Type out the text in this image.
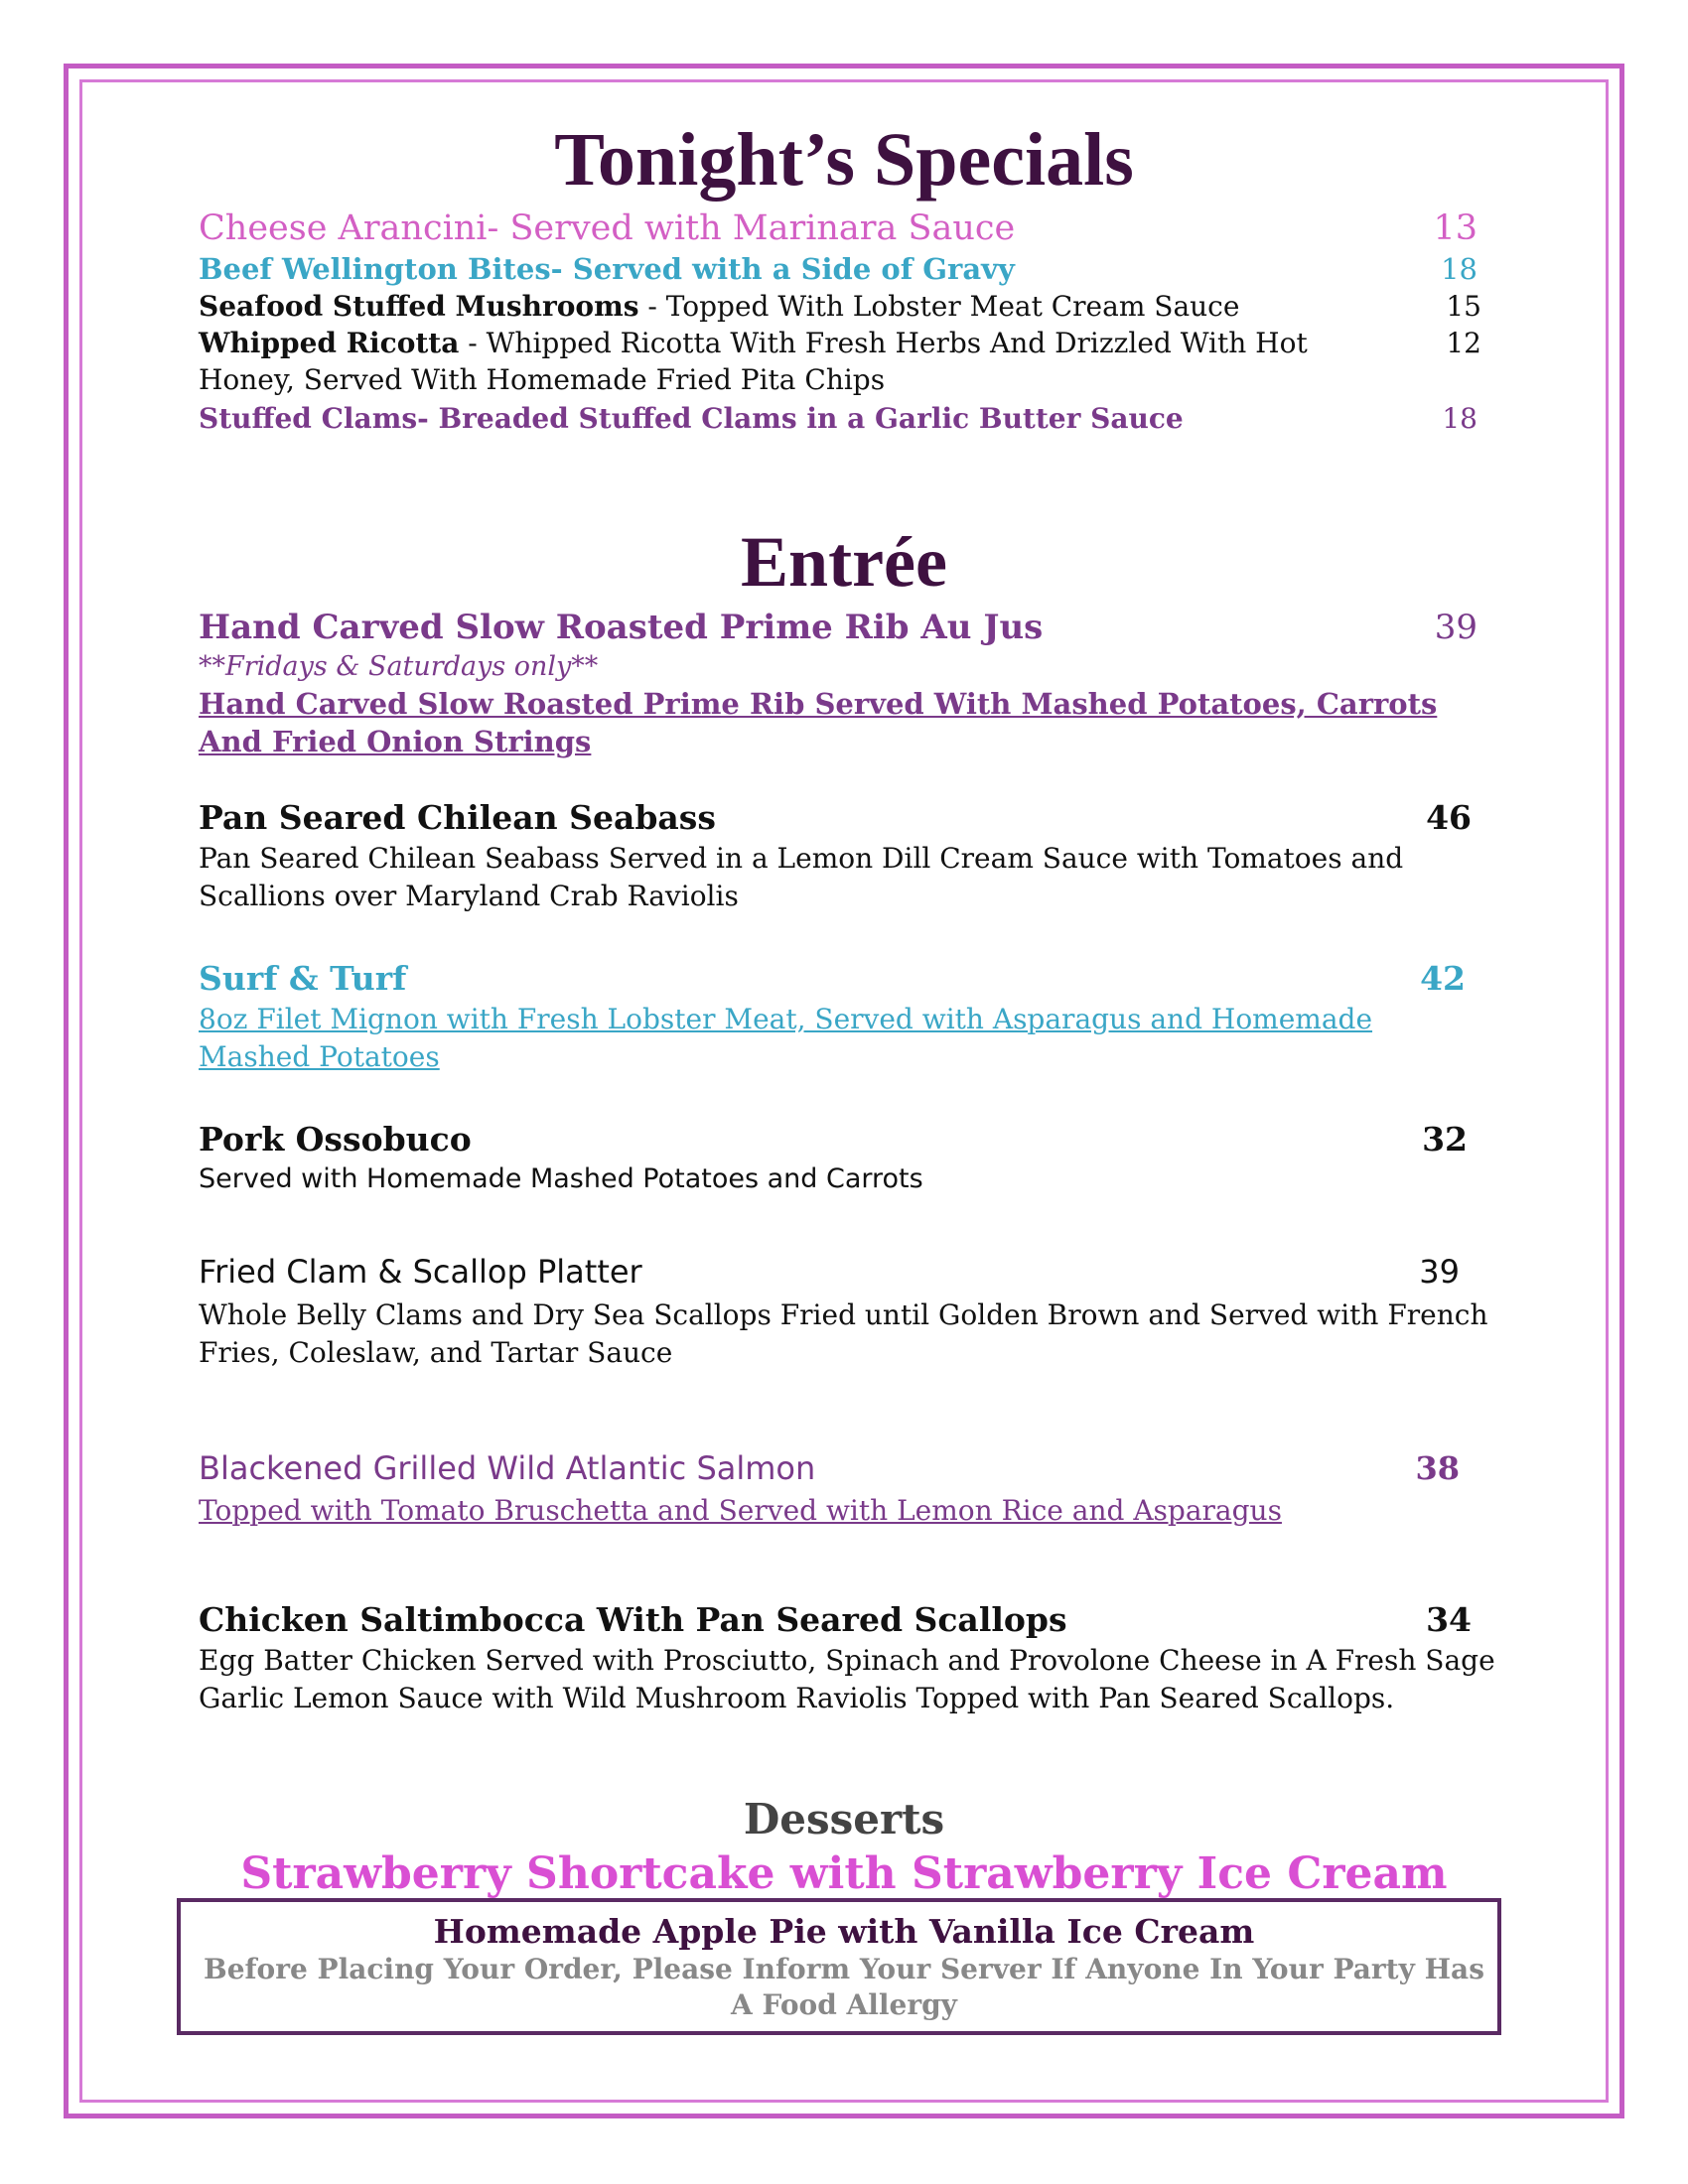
Tonight’s Specials
Cheese Arancini- Served with Marinara Sauce	13
Beef Wellington Bites- Served with a Side of Gravy	18
Seafood Stuffed Mushrooms - Topped With Lobster Meat Cream Sauce	15
Whipped Ricotta - Whipped Ricotta With Fresh Herbs And Drizzled With Hot	12
Honey, Served With Homemade Fried Pita Chips
Stuffed Clams- Breaded Stuffed Clams in a Garlic Butter Sauce	18
Entrée
Hand Carved Slow Roasted Prime Rib Au Jus	39
**Fridays & Saturdays only**
Hand Carved Slow Roasted Prime Rib Served With Mashed Potatoes, Carrots And Fried Onion Strings
Pan Seared Chilean Seabass	46
Pan Seared Chilean Seabass Served in a Lemon Dill Cream Sauce with Tomatoes and Scallions over Maryland Crab Raviolis
Surf & Turf	42
8oz Filet Mignon with Fresh Lobster Meat, Served with Asparagus and Homemade Mashed Potatoes
Pork Ossobuco	32
Served with Homemade Mashed Potatoes and Carrots
Fried Clam & Scallop Platter	39
Whole Belly Clams and Dry Sea Scallops Fried until Golden Brown and Served with French Fries, Coleslaw, and Tartar Sauce
Blackened Grilled Wild Atlantic Salmon	38
Topped with Tomato Bruschetta and Served with Lemon Rice and Asparagus
Chicken Saltimbocca With Pan Seared Scallops	34
Egg Batter Chicken Served with Prosciutto, Spinach and Provolone Cheese in A Fresh Sage Garlic Lemon Sauce with Wild Mushroom Raviolis Topped with Pan Seared Scallops.
Desserts
Strawberry Shortcake with Strawberry Ice Cream
Homemade Apple Pie with Vanilla Ice Cream
Before Placing Your Order, Please Inform Your Server If Anyone In Your Party Has A Food Allergy
